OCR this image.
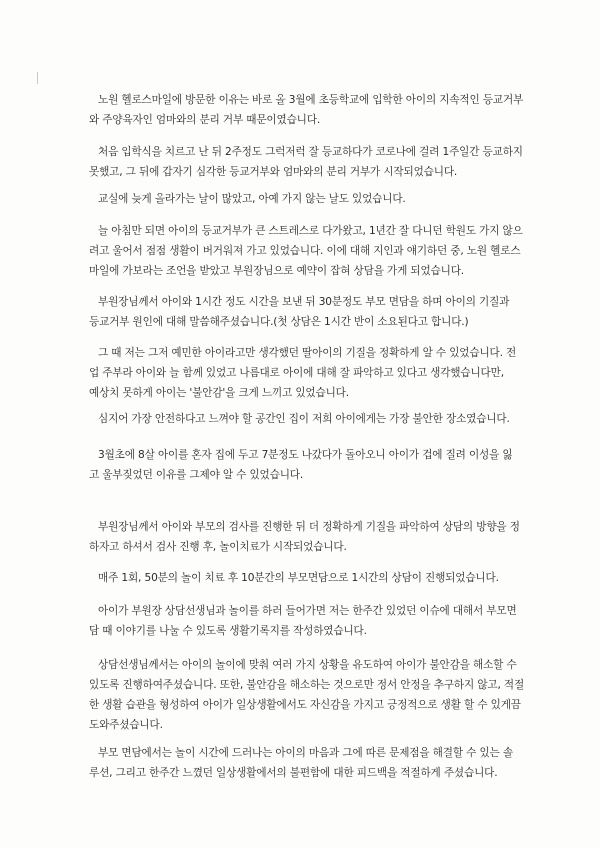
노원 헬로스마일에 방문한 이유는 바로 올 3월에 초등학교에 입학한 아이의 지속적인 등교거부
와 주양육자인 엄마와의 분리 거부 때문이였습니다.

처음 입학식을 치르고 난 뒤 2주정도 그럭저럭 잘 등교하다가 코로나에 걸려 1주일간 등교하지
못했고, 그 뒤에 갑자기 심각한 등교거부와 엄마와의 분리 거부가 시작되었습니다.

교실에 늦게 올라가는 날이 많았고, 아예 가지 않는 날도 있었습니다.

늘 아침만 되면 아이의 등교거부가 큰 스트레스로 다가왔고, 1년간 잘 다니던 학원도 가지 않으
려고 울어서 점점 생활이 버거워져 가고 있었습니다. 이에 대해 지인과 얘기하던 중, 노원 헬로스
마일에 가보라는 조언을 받았고 부원장님으로 예약이 잡혀 상담을 가게 되었습니다.

부원장님께서 아이와 1시간 정도 시간을 보낸 뒤 30분정도 부모 면담을 하며 아이의 기질과
등교거부 원인에 대해 말씀해주셨습니다.(첫 상담은 1시간 반이 소요된다고 합니다.)

그 때 저는 그저 예민한 아이라고만 생각했던 딸아이의 기질을 정확하게 알 수 있었습니다. 전
업 주부라 아이와 늘 함께 있었고 나름대로 아이에 대해 잘 파악하고 있다고 생각했습니다만,
예상치 못하게 아이는 '불안감'을 크게 느끼고 있었습니다.

심지어 가장 안전하다고 느껴야 할 공간인 집이 저희 아이에게는 가장 불안한 장소였습니다.

3월초에 8살 아이를 혼자 집에 두고 7분정도 나갔다가 돌아오니 아이가 겁에 질려 이성을 잃
고 울부짖었던 이유를 그제야 알 수 있었습니다.

부원장님께서 아이와 부모의 검사를 진행한 뒤 더 정확하게 기질을 파악하여 상담의 방향을 정
하자고 하셔서 검사 진행 후, 놀이치료가 시작되었습니다.

매주 1회, 50분의 놀이 치료 후 10분간의 부모면담으로 1시간의 상담이 진행되었습니다.

아이가 부원장 상담선생님과 놀이를 하러 들어가면 저는 한주간 있었던 이슈에 대해서 부모면
담 때 이야기를 나눌 수 있도록 생활기록지를 작성하였습니다.

상담선생님께서는 아이의 놀이에 맞춰 여러 가지 상황을 유도하여 아이가 불안감을 해소할 수
있도록 진행하여주셨습니다. 또한, 불안감을 해소하는 것으로만 정서 안정을 추구하지 않고, 적절
한 생활 습관을 형성하여 아이가 일상생활에서도 자신감을 가지고 긍정적으로 생활 할 수 있게끔
도와주셨습니다.

부모 면담에서는 놀이 시간에 드러나는 아이의 마음과 그에 따른 문제점을 해결할 수 있는 솔
루션, 그리고 한주간 느꼈던 일상생활에서의 불편함에 대한 피드백을 적절하게 주셨습니다.
